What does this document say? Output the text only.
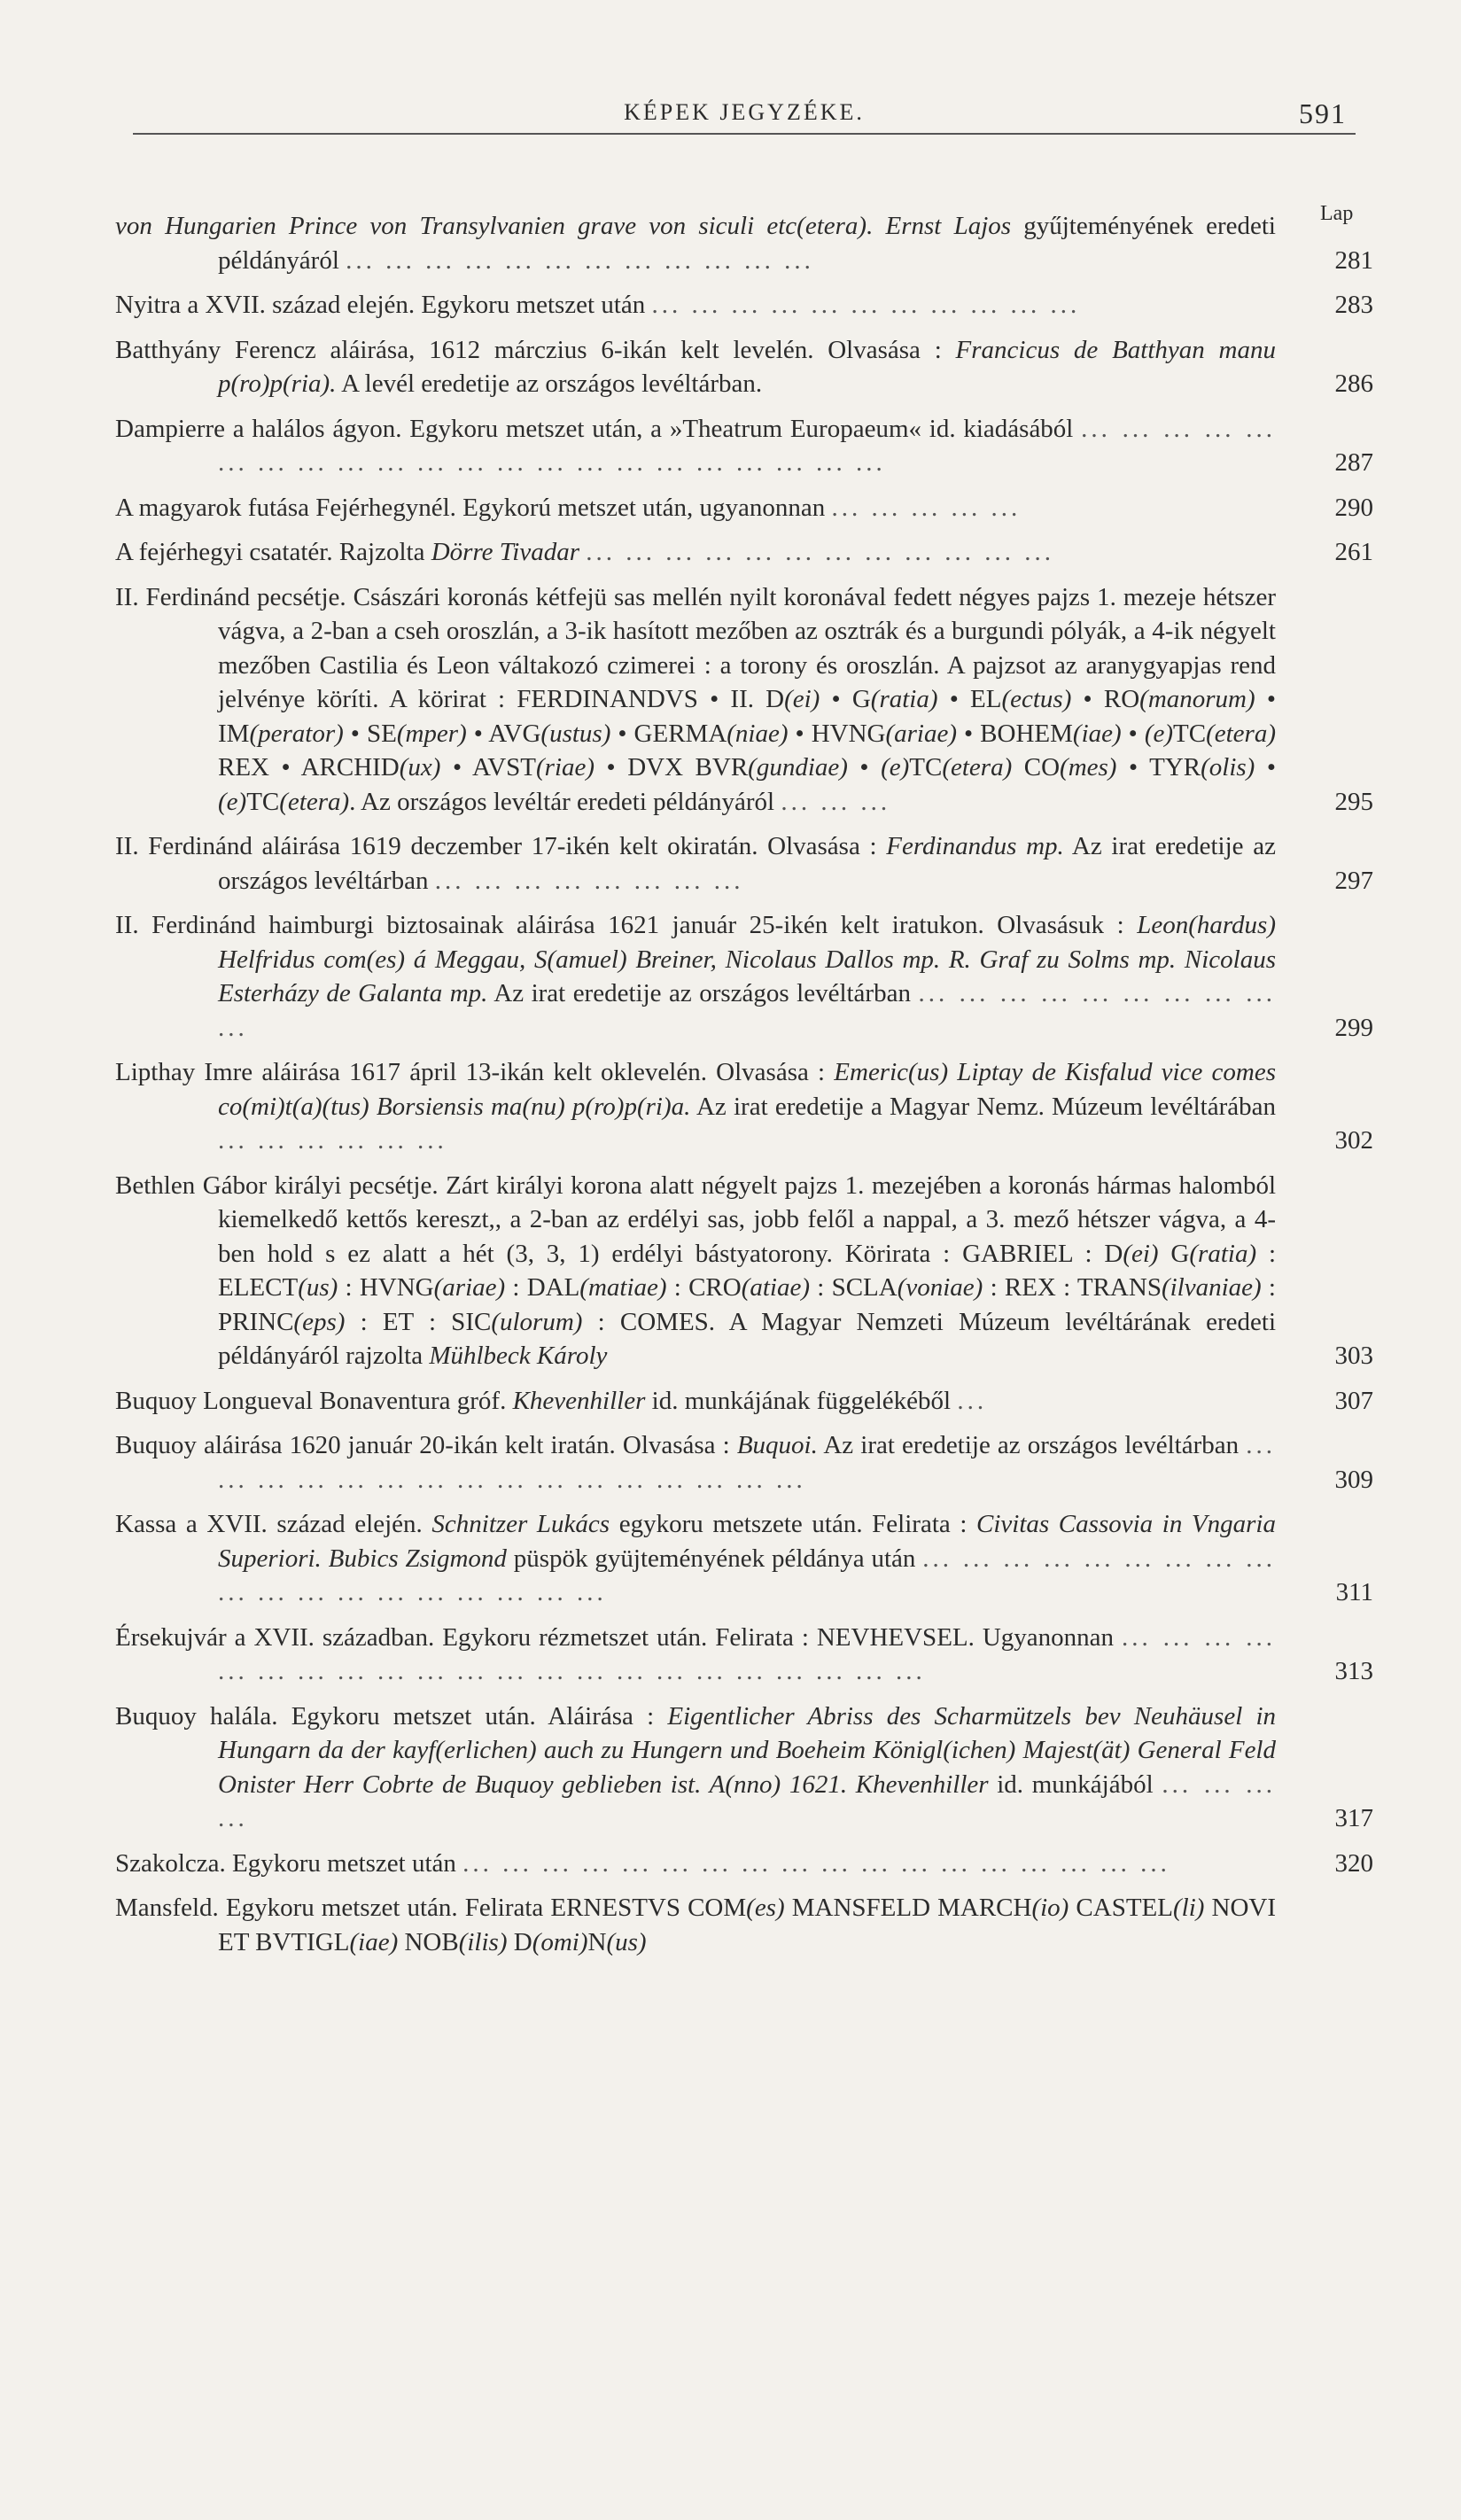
KÉPEK JEGYZÉKE.	591
Lap
von Hungarien Prince von Transylvanien grave von siculi etc(etera). Ernst Lajos gyűjteményének eredeti példányáról ... ... ... ... ... ... ... ... ... ... ... ...	281
Nyitra a XVII. század elején. Egykoru metszet után ... ... ... ... ... ... ... ... ... ... ...	283
Batthyány Ferencz aláirása, 1612 márczius 6-ikán kelt levelén. Olvasása : Francicus de Batthyan manu p(ro)p(ria). A levél eredetije az országos levéltárban.	286
Dampierre a halálos ágyon. Egykoru metszet után, a »Theatrum Europaeum« id. kiadásából ... ... ... ... ... ... ... ... ... ... ... ... ... ... ... ... ... ... ... ... ... ...	287
A magyarok futása Fejérhegynél. Egykorú metszet után, ugyanonnan ... ... ... ... ...	290
A fejérhegyi csatatér. Rajzolta Dörre Tivadar ... ... ... ... ... ... ... ... ... ... ... ...	261
II. Ferdinánd pecsétje. Császári koronás kétfejü sas mellén nyilt koronával fedett négyes pajzs 1. mezeje hétszer vágva, a 2-ban a cseh oroszlán, a 3-ik hasított mezőben az osztrák és a burgundi pólyák, a 4-ik négyelt mezőben Castilia és Leon váltakozó czimerei : a torony és oroszlán. A pajzsot az aranygyapjas rend jelvénye köríti. A körirat : FERDINANDVS • II. D(ei) • G(ratia) • EL(ectus) • RO(manorum) • IM(perator) • SE(mper) • AVG(ustus) • GERMA(niae) • HVNG(ariae) • BOHEM(iae) • (e)TC(etera) REX • ARCHID(ux) • AVST(riae) • DVX BVR(gundiae) • (e)TC(etera) CO(mes) • TYR(olis) • (e)TC(etera). Az országos levéltár eredeti példányáról ... ... ...	295
II. Ferdinánd aláirása 1619 deczember 17-ikén kelt okiratán. Olvasása : Ferdinandus mp. Az irat eredetije az országos levéltárban ... ... ... ... ... ... ... ...	297
II. Ferdinánd haimburgi biztosainak aláirása 1621 január 25-ikén kelt iratukon. Olvasásuk : Leon(hardus) Helfridus com(es) á Meggau, S(amuel) Breiner, Nicolaus Dallos mp. R. Graf zu Solms mp. Nicolaus Esterházy de Galanta mp. Az irat eredetije az országos levéltárban ... ... ... ... ... ... ... ... ... ...	299
Lipthay Imre aláirása 1617 ápril 13-ikán kelt oklevelén. Olvasása : Emeric(us) Liptay de Kisfalud vice comes co(mi)t(a)(tus) Borsiensis ma(nu) p(ro)p(ri)a. Az irat eredetije a Magyar Nemz. Múzeum levéltárában ... ... ... ... ... ...	302
Bethlen Gábor királyi pecsétje. Zárt királyi korona alatt négyelt pajzs 1. mezejében a koronás hármas halomból kiemelkedő kettős kereszt,, a 2-ban az erdélyi sas, jobb felől a nappal, a 3. mező hétszer vágva, a 4-ben hold s ez alatt a hét (3, 3, 1) erdélyi bástyatorony. Körirata : GABRIEL : D(ei) G(ratia) : ELECT(us) : HVNG(ariae) : DAL(matiae) : CRO(atiae) : SCLA(voniae) : REX : TRANS(ilvaniae) : PRINC(eps) : ET : SIC(ulorum) : COMES. A Magyar Nemzeti Múzeum levéltárának eredeti példányáról rajzolta Mühlbeck Károly	303
Buquoy Longueval Bonaventura gróf. Khevenhiller id. munkájának függelékéből ...	307
Buquoy aláirása 1620 január 20-ikán kelt iratán. Olvasása : Buquoi. Az irat eredetije az országos levéltárban ... ... ... ... ... ... ... ... ... ... ... ... ... ... ... ...	309
Kassa a XVII. század elején. Schnitzer Lukács egykoru metszete után. Felirata : Civitas Cassovia in Vngaria Superiori. Bubics Zsigmond püspök gyüjteményének példánya után ... ... ... ... ... ... ... ... ... ... ... ... ... ... ... ... ... ... ...	311
Érsekujvár a XVII. században. Egykoru rézmetszet után. Felirata : NEVHEVSEL. Ugyanonnan ... ... ... ... ... ... ... ... ... ... ... ... ... ... ... ... ... ... ... ... ... ...	313
Buquoy halála. Egykoru metszet után. Aláirása : Eigentlicher Abriss des Scharmützels bev Neuhäusel in Hungarn da der kayf(erlichen) auch zu Hungern und Boeheim Königl(ichen) Majest(ät) General Feld Onister Herr Cobrte de Buquoy geblieben ist. A(nno) 1621. Khevenhiller id. munkájából ... ... ... ...	317
Szakolcza. Egykoru metszet után ... ... ... ... ... ... ... ... ... ... ... ... ... ... ... ... ... ...	320
Mansfeld. Egykoru metszet után. Felirata ERNESTVS COM(es) MANSFELD MARCH(io) CASTEL(li) NOVI ET BVTIGL(iae) NOB(ilis) D(omi)N(us)
